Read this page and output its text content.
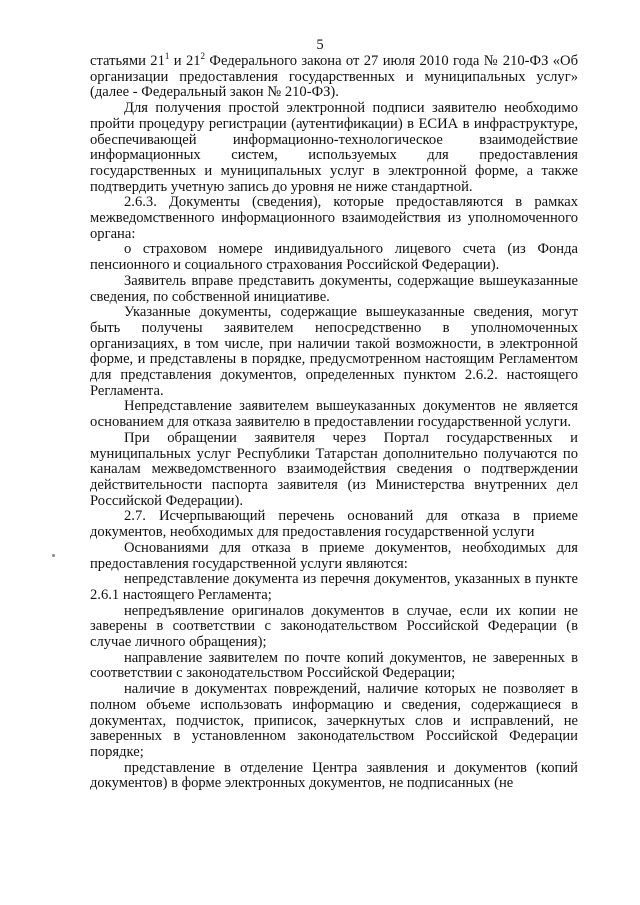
5

статьями $21^1$ и $21^2$ Федерального закона от 27 июля 2010 года № 210-ФЗ «Об организации предоставления государственных и муниципальных услуг» (далее - Федеральный закон № 210-ФЗ).

Для получения простой электронной подписи заявителю необходимо пройти процедуру регистрации (аутентификации) в ЕСИА в инфраструктуре, обеспечивающей информационно-технологическое взаимодействие информационных систем, используемых для предоставления государственных и муниципальных услуг в электронной форме, а также подтвердить учетную запись до уровня не ниже стандартной.

2.6.3. Документы (сведения), которые предоставляются в рамках межведомственного информационного взаимодействия из уполномоченного органа:

о страховом номере индивидуального лицевого счета (из Фонда пенсионного и социального страхования Российской Федерации).

Заявитель вправе представить документы, содержащие вышеуказанные сведения, по собственной инициативе.

Указанные документы, содержащие вышеуказанные сведения, могут быть получены заявителем непосредственно в уполномоченных организациях, в том числе, при наличии такой возможности, в электронной форме, и представлены в порядке, предусмотренном настоящим Регламентом для представления документов, определенных пунктом 2.6.2. настоящего Регламента.

Непредставление заявителем вышеуказанных документов не является основанием для отказа заявителю в предоставлении государственной услуги.

При обращении заявителя через Портал государственных и муниципальных услуг Республики Татарстан дополнительно получаются по каналам межведомственного взаимодействия сведения о подтверждении действительности паспорта заявителя (из Министерства внутренних дел Российской Федерации).

2.7. Исчерпывающий перечень оснований для отказа в приеме документов, необходимых для предоставления государственной услуги

Основаниями для отказа в приеме документов, необходимых для предоставления государственной услуги являются:

непредставление документа из перечня документов, указанных в пункте 2.6.1 настоящего Регламента;

непредъявление оригиналов документов в случае, если их копии не заверены в соответствии с законодательством Российской Федерации (в случае личного обращения);

направление заявителем по почте копий документов, не заверенных в соответствии с законодательством Российской Федерации;

наличие в документах повреждений, наличие которых не позволяет в полном объеме использовать информацию и сведения, содержащиеся в документах, подчисток, приписок, зачеркнутых слов и исправлений, не заверенных в установленном законодательством Российской Федерации порядке;

представление в отделение Центра заявления и документов (копий документов) в форме электронных документов, не подписанных (не
